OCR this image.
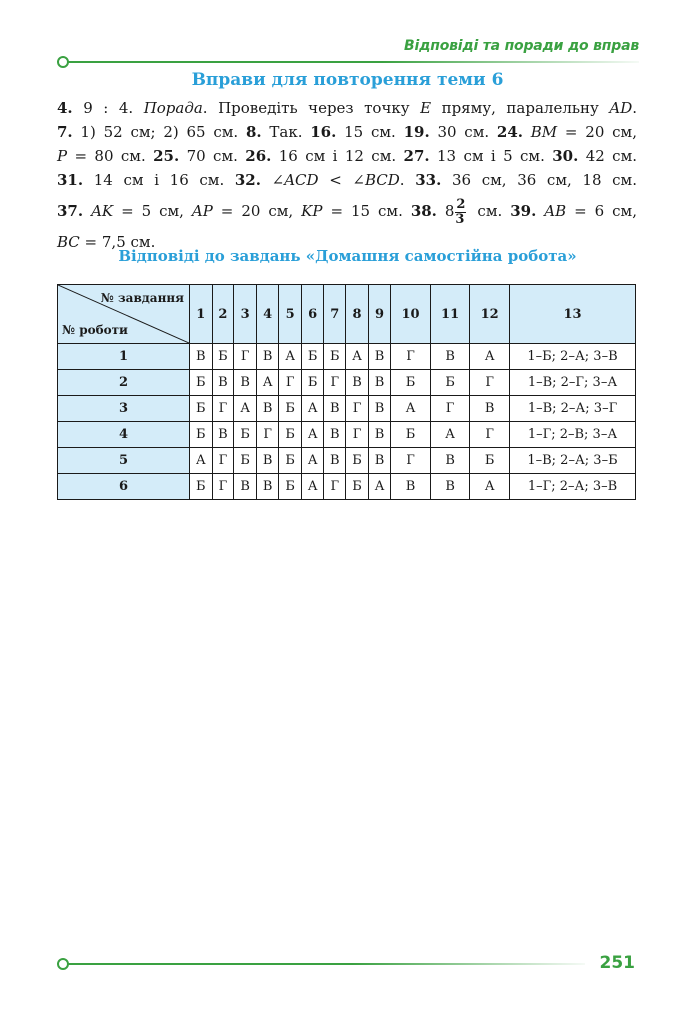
Відповіді та поради до вправ
Вправи для повторення теми 6
4. 9 : 4. Порада. Проведіть через точку E пряму, паралельну AD.
7. 1) 52 см; 2) 65 см. 8. Так. 16. 15 см. 19. 30 см. 24. BM = 20 см,
P = 80 см. 25. 70 см. 26. 16 см і 12 см. 27. 13 см і 5 см. 30. 42 см.
31. 14 см і 16 см. 32. ∠ACD < ∠BCD. 33. 36 см, 36 см, 18 см.
37. AK = 5 см, AP = 20 см, KP = 15 см. 38. $8 \frac{2}{3}$ см. 39. AB = 6 см,
BC = 7,5 см.
Відповіді до завдань «Домашня самостійна робота»
№ завдання
№ роботи	1	2	3	4	5	6	7	8	9	10	11	12	13
1	В	Б	Г	В	А	Б	Б	А	В	Г	В	А	1–Б; 2–А; 3–В
2	Б	В	В	А	Г	Б	Г	В	В	Б	Б	Г	1–В; 2–Г; 3–А
3	Б	Г	А	В	Б	А	В	Г	В	А	Г	В	1–В; 2–А; 3–Г
4	Б	В	Б	Г	Б	А	В	Г	В	Б	А	Г	1–Г; 2–В; 3–А
5	А	Г	Б	В	Б	А	В	Б	В	Г	В	Б	1–В; 2–А; 3–Б
6	Б	Г	В	В	Б	А	Г	Б	А	В	В	А	1–Г; 2–А; 3–В
251
